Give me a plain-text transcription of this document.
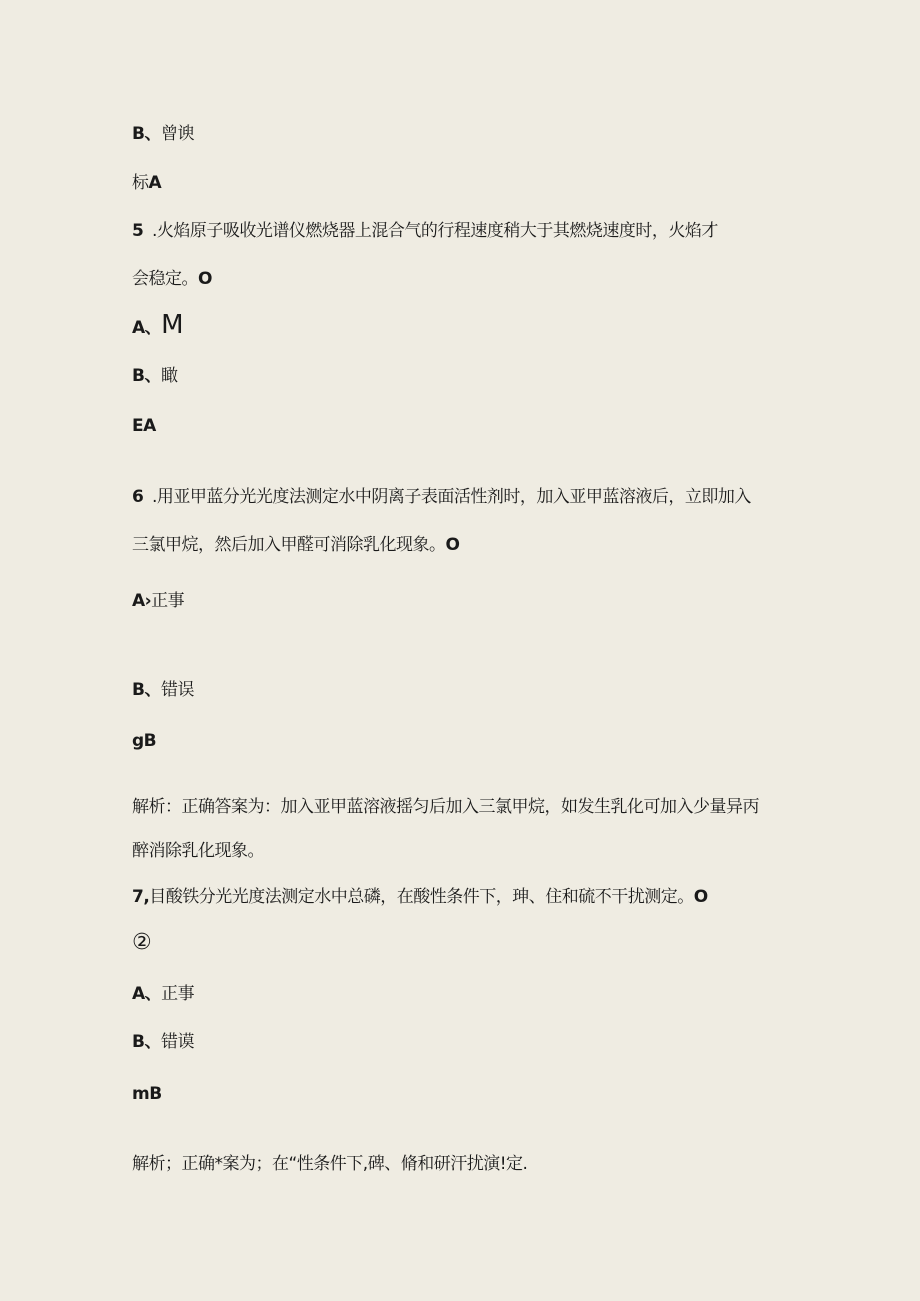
B、曾谀
标A
5 .火焰原子吸收光谱仪燃烧器上混合气的行程速度稍大于其燃烧速度时，火焰才
会稳定。O
A、M
B、瞰
EA
6 .用亚甲蓝分光光度法测定水中阴离子表面活性剂时，加入亚甲蓝溶液后，立即加入
三氯甲烷，然后加入甲醛可消除乳化现象。O
A›正事
B、错误
gB
解析：正确答案为：加入亚甲蓝溶液摇匀后加入三氯甲烷，如发生乳化可加入少量异丙
醉消除乳化现象。
7,目酸铁分光光度法测定水中总磷，在酸性条件下，珅、住和硫不干扰测定。O
②
A、正事
B、错谟
mB
解析；正确*案为；在“性条件下,碑、脩和研汗扰演!定.
